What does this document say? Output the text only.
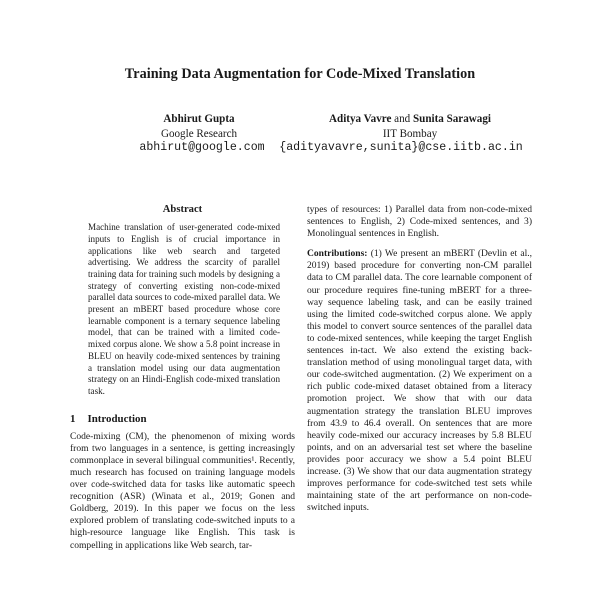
Training Data Augmentation for Code-Mixed Translation
Abhirut Gupta
Google Research
Aditya Vavre and Sunita Sarawagi
IIT Bombay
abhirut@google.com	{adityavavre,sunita}@cse.iitb.ac.in
Abstract
Machine translation of user-generated code-mixed inputs to English is of crucial importance in applications like web search and targeted advertising. We address the scarcity of parallel training data for training such models by designing a strategy of converting existing non-code-mixed parallel data sources to code-mixed parallel data. We present an mBERT based procedure whose core learnable component is a ternary sequence labeling model, that can be trained with a limited code-mixed corpus alone. We show a 5.8 point increase in BLEU on heavily code-mixed sentences by training a translation model using our data augmentation strategy on an Hindi-English code-mixed translation task.
1 Introduction
Code-mixing (CM), the phenomenon of mixing words from two languages in a sentence, is getting increasingly commonplace in several bilingual communities¹. Recently, much research has focused on training language models over code-switched data for tasks like automatic speech recognition (ASR) (Winata et al., 2019; Gonen and Goldberg, 2019). In this paper we focus on the less explored problem of translating code-switched inputs to a high-resource language like English. This task is compelling in applications like Web search, tar-
types of resources: 1) Parallel data from non-code-mixed sentences to English, 2) Code-mixed sentences, and 3) Monolingual sentences in English.
Contributions: (1) We present an mBERT (Devlin et al., 2019) based procedure for converting non-CM parallel data to CM parallel data. The core learnable component of our procedure requires fine-tuning mBERT for a three-way sequence labeling task, and can be easily trained using the limited code-switched corpus alone. We apply this model to convert source sentences of the parallel data to code-mixed sentences, while keeping the target English sentences in-tact. We also extend the existing back-translation method of using monolingual target data, with our code-switched augmentation. (2) We experiment on a rich public code-mixed dataset obtained from a literacy promotion project. We show that with our data augmentation strategy the translation BLEU improves from 43.9 to 46.4 overall. On sentences that are more heavily code-mixed our accuracy increases by 5.8 BLEU points, and on an adversarial test set where the baseline provides poor accuracy we show a 5.4 point BLEU increase. (3) We show that our data augmentation strategy improves performance for code-switched test sets while maintaining state of the art performance on non-code-switched inputs.
